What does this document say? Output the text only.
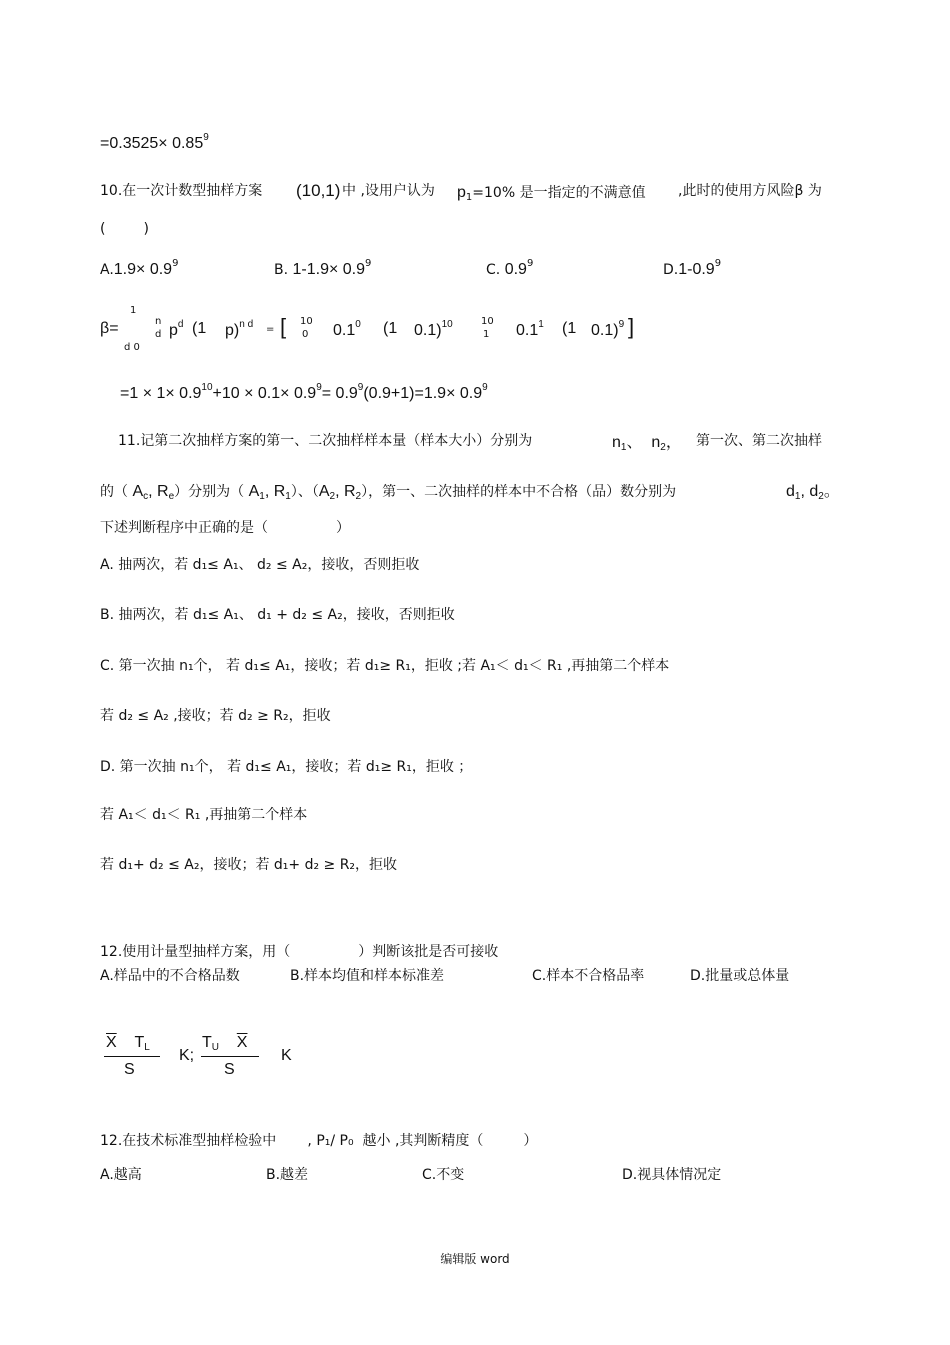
$=0.3525\times 0.85^9$
10.在一次计数型抽样方案 (10,1) 中 ,设用户认为 $p_1=10\%$ 是一指定的不满意值 ,此时的使用方风险β 为
(	)
$A.1.9\times 0.9^9$	B. $1-1.9\times 0.9^9$	C. $0.9^9$	$D.1-0.9^9$
β=
1
d 0
n
d $p^d$ (1 p)$^{n d}$ = [ 10
0 $0.1^0$ (1 0.1)$^{10}$	10
1 $0.1^1$ (1 0.1)$^9$ ]
$=1 \times 1\times 0.9^{10}+10 \times 0.1\times 0.9^9= 0.9^9(0.9+1)=1.9\times 0.9^9$
11.记第二次抽样方案的第一、二次抽样样本量（样本大小）分别为	$n_1$、 $n_2$， 第一次、第二次抽样
的（ $A_c$, $R_e$）分别为（ $A_1$, $R_1$）、（$A_2$, $R_2$），第一、二次抽样的样本中不合格（品）数分别为	$d_1$, $d_2$。
下述判断程序中正确的是（	）
A. 抽两次，若 d₁≤ A₁、 d₂ ≤ A₂，接收，否则拒收
B. 抽两次，若 d₁≤ A₁、 d₁ + d₂ ≤ A₂，接收，否则拒收
C. 第一次抽 n₁个， 若 d₁≤ A₁，接收；若 d₁≥ R₁，拒收 ;若 A₁＜ d₁＜ R₁ ,再抽第二个样本
若 d₂ ≤ A₂ ,接收；若 d₂ ≥ R₂，拒收
D. 第一次抽 n₁个， 若 d₁≤ A₁，接收；若 d₁≥ R₁，拒收 ；
若 A₁＜ d₁＜ R₁ ,再抽第二个样本
若 d₁+ d₂ ≤ A₂，接收；若 d₁+ d₂ ≥ R₂，拒收
12.使用计量型抽样方案，用（	）判断该批是否可接收
A.样品中的不合格品数	B.样本均值和样本标准差	C.样本不合格品率	D.批量或总体量
$\overline{X}$ $T_L$
S
K;
$T_U$ $\overline{X}$
S
K
12.在技术标准型抽样检验中 , P₁/ P₀ 越小 ,其判断精度（	）
A.越高	B.越差	C.不变	D.视具体情况定
编辑版 word
